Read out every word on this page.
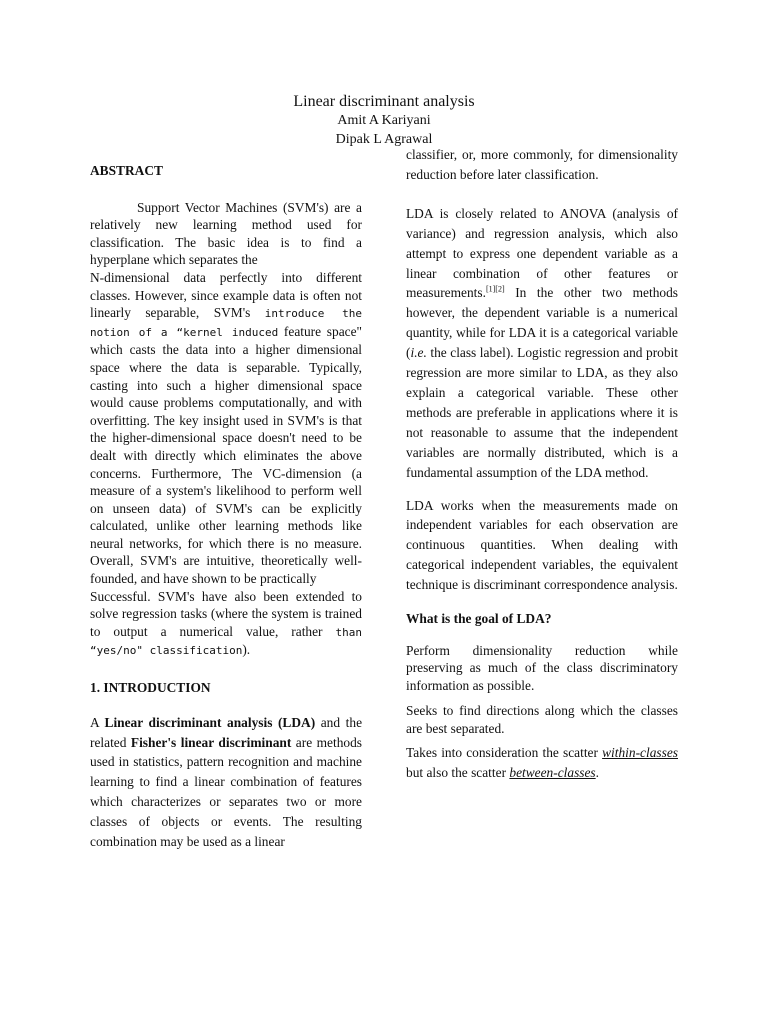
Linear discriminant analysis
Amit A Kariyani
Dipak L Agrawal

ABSTRACT

Support Vector Machines (SVM's) are a relatively new learning method used for classification. The basic idea is to find a hyperplane which separates the

N-dimensional data perfectly into different classes. However, since example data is often not linearly separable, SVM's introduce the notion of a “kernel induced feature space" which casts the data into a higher dimensional space where the data is separable. Typically, casting into such a higher dimensional space would cause problems computationally, and with overfitting. The key insight used in SVM's is that the higher-dimensional space doesn't need to be dealt with directly which eliminates the above concerns. Furthermore, The VC-dimension (a measure of a system's likelihood to perform well on unseen data) of SVM's can be explicitly calculated, unlike other learning methods like neural networks, for which there is no measure. Overall, SVM's are intuitive, theoretically well-founded, and have shown to be practically

Successful. SVM's have also been extended to solve regression tasks (where the system is trained to output a numerical value, rather than “yes/no" classification).

1. INTRODUCTION

A Linear discriminant analysis (LDA) and the related Fisher's linear discriminant are methods used in statistics, pattern recognition and machine learning to find a linear combination of features which characterizes or separates two or more classes of objects or events. The resulting combination may be used as a linear

classifier, or, more commonly, for dimensionality reduction before later classification.

LDA is closely related to ANOVA (analysis of variance) and regression analysis, which also attempt to express one dependent variable as a linear combination of other features or measurements.[1][2] In the other two methods however, the dependent variable is a numerical quantity, while for LDA it is a categorical variable (i.e. the class label). Logistic regression and probit regression are more similar to LDA, as they also explain a categorical variable. These other methods are preferable in applications where it is not reasonable to assume that the independent variables are normally distributed, which is a fundamental assumption of the LDA method.

LDA works when the measurements made on independent variables for each observation are continuous quantities. When dealing with categorical independent variables, the equivalent technique is discriminant correspondence analysis.

What is the goal of LDA?

Perform dimensionality reduction while preserving as much of the class discriminatory information as possible.

Seeks to find directions along which the classes are best separated.

Takes into consideration the scatter within-classes but also the scatter between-classes.
